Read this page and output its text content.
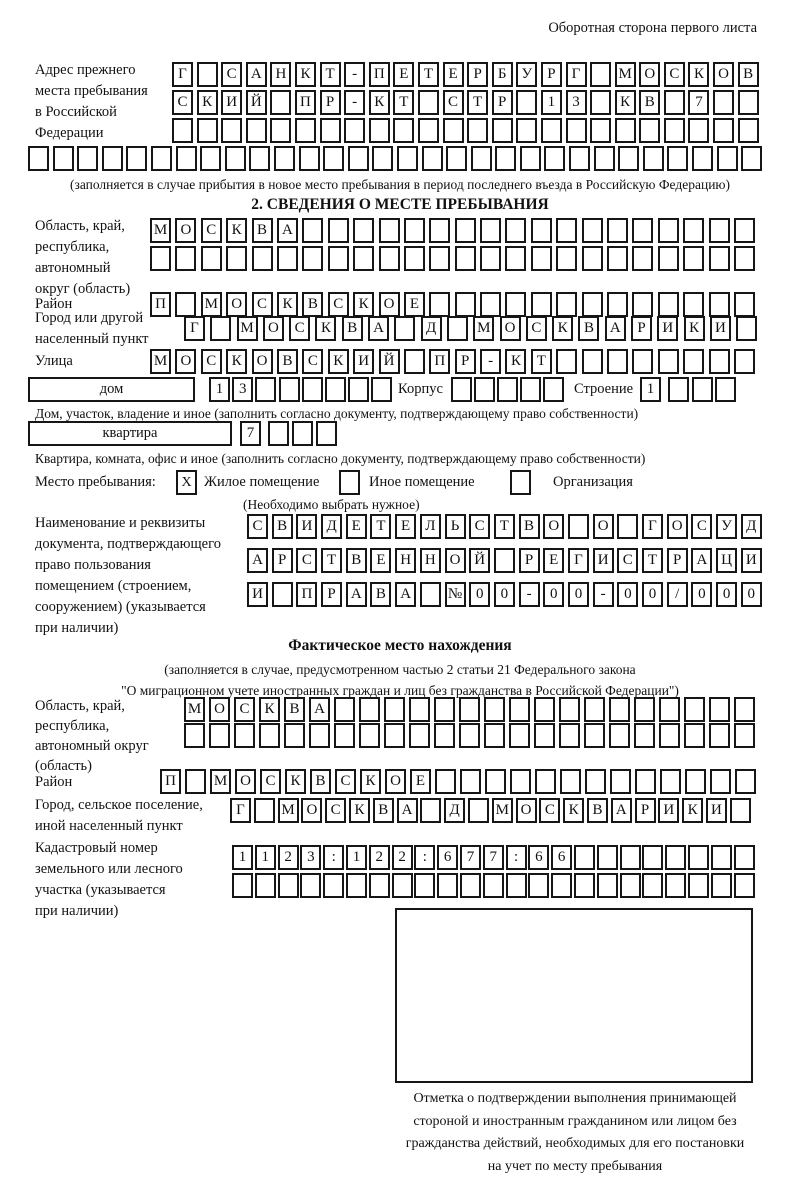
Оборотная сторона первого листа
Адрес прежнего
места пребывания
в Российской
Федерации
Г	С А Н К	Т	-	П Е	Т	Е	Р	Б У	Р	Г	М О С К О В
С К И Й	П	Р	-	К	Т	С	Т	Р	1	3	К В	7
(заполняется в случае прибытия в новое место пребывания в период последнего въезда в Российскую Федерацию)
2. СВЕДЕНИЯ О МЕСТЕ ПРЕБЫВАНИЯ
Область, край,
республика,
автономный
округ (область)
М О С	К	В А
Район	П	М О С	К	В	С	К О	Е
Город или другой
населенный пункт
Г	М О	С	К	В	А	Д	М О	С	К	В	А	Р	И	К	И
Улица	М О С	К О В	С	К И Й	П	Р	-	К	Т
дом	1	3	Корпус	Строение 1
Дом, участок, владение и иное (заполнить согласно документу, подтверждающему право собственности)
квартира	7
Квартира, комната, офис и иное (заполнить согласно документу, подтверждающему право собственности)
Место пребывания:	X Жилое помещение	Иное помещение	Организация
(Необходимо выбрать нужное)
Наименование и реквизиты
документа, подтверждающего
право пользования
помещением (строением,
сооружением) (указывается
при наличии)
С В И Д Е	Т	Е	Л	Ь	С	Т	В О	О	Г О С У Д
А	Р	С	Т	В	Е Н Н О Й	Р	Е	Г И С	Т	Р	А Ц И
И	П	Р	А В А	№ 0	0	-	0	0	-	0	0	/	0	0	0
Фактическое место нахождения
(заполняется в случае, предусмотренном частью 2 статьи 21 Федерального закона
"О миграционном учете иностранных граждан и лиц без гражданства в Российской Федерации")
Область, край,
республика,
автономный округ
(область)
М О С К В А
Район	П	М О С К В С К О Е
Город, сельское поселение,
иной населенный пункт
Г	М О С К В А	Д	М О С К В А Р И К И
Кадастровый номер
земельного или лесного
участка (указывается
при наличии)
1	1	2	3	:	1	2	2	:	6	7	7	:	6	6
Отметка о подтверждении выполнения принимающей
стороной и иностранным гражданином или лицом без
гражданства действий, необходимых для его постановки
на учет по месту пребывания
